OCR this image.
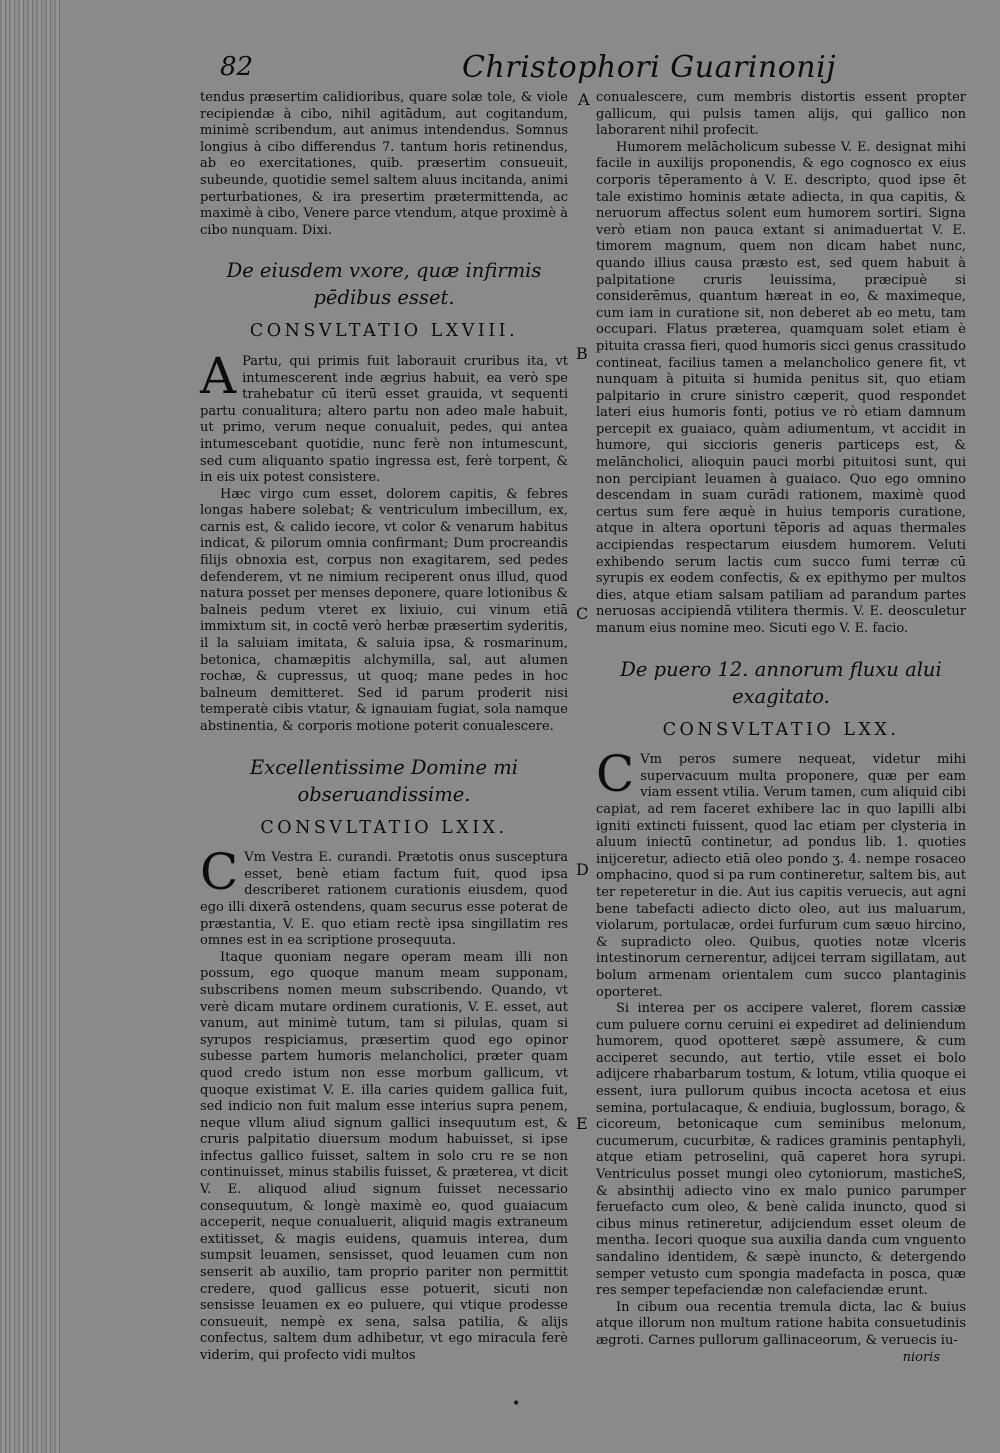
82	Christophori Guarinonij
A
B
C
D
E

tendus præsertim calidioribus, quare solæ tole, & viole recipiendæ à cibo, nihil agitādum, aut cogitandum, minimè scribendum, aut animus intendendus. Somnus longius à cibo differendus 7. tantum horis retinendus, ab eo exercitationes, quib. præsertim consueuit, subeunde, quotidie semel saltem aluus incitanda, animi perturbationes, & ira presertim prætermittenda, ac maximè à cibo, Venere parce vtendum, atque proximè à cibo nunquam. Dixi.

De eiusdem vxore, quæ infirmis pēdibus esset.
CONSVLTATIO LXVIII.

A Partu, qui primis fuit laborauit cruribus ita, vt intumescerent inde ægrius habuit, ea verò spe trahebatur cū iterū esset grauida, vt sequenti partu conualitura; altero partu non adeo male habuit, ut primo, verum neque conualuit, pedes, qui antea intumescebant quotidie, nunc ferè non intumescunt, sed cum aliquanto spatio ingressa est, ferè torpent, & in eis uix potest consistere.

Hæc virgo cum esset, dolorem capitis, & febres longas habere solebat; & ventriculum imbecillum, ex, carnis est, & calido iecore, vt color & venarum habitus indicat, & pilorum omnia confirmant; Dum procreandis filijs obnoxia est, corpus non exagitarem, sed pedes defenderem, vt ne nimium reciperent onus illud, quod natura posset per menses deponere, quare lotionibus & balneis pedum vteret ex lixiuio, cui vinum etiā immixtum sit, in coctē verò herbæ præsertim syderitis, il la saluiam imitata, & saluia ipsa, & rosmarinum, betonica, chamæpitis alchymilla, sal, aut alumen rochæ, & cupressus, ut quoq; mane pedes in hoc balneum demitteret. Sed id parum proderit nisi temperatè cibis vtatur, & ignauiam fugiat, sola namque abstinentia, & corporis motione poterit conualescere.

Excellentissime Domine mi obseruandissime.
CONSVLTATIO LXIX.

C Vm Vestra E. curandi. Prætotis onus susceptura esset, benè etiam factum fuit, quod ipsa describeret rationem curationis eiusdem, quod ego illi dixerā ostendens, quam securus esse poterat de præstantia, V. E. quo etiam rectè ipsa singillatim res omnes est in ea scriptione prosequuta.

Itaque quoniam negare operam meam illi non possum, ego quoque manum meam supponam, subscribens nomen meum subscribendo. Quando, vt verè dicam mutare ordinem curationis, V. E. esset, aut vanum, aut minimè tutum, tam si pilulas, quam si syrupos respiciamus, præsertim quod ego opinor subesse partem humoris melancholici, præter quam quod credo istum non esse morbum gallicum, vt quoque existimat V. E. illa caries quidem gallica fuit, sed indicio non fuit malum esse interius supra penem, neque vllum aliud signum gallici insequutum est, & cruris palpitatio diuersum modum habuisset, si ipse infectus gallico fuisset, saltem in solo cru re se non continuisset, minus stabilis fuisset, & præterea, vt dicit V. E. aliquod aliud signum fuisset necessario consequutum, & longè maximè eo, quod guaiacum acceperit, neque conualuerit, aliquid magis extraneum extitisset, & magis euidens, quamuis interea, dum sumpsit leuamen, sensisset, quod leuamen cum non senserit ab auxilio, tam proprio pariter non permittit credere, quod gallicus esse potuerit, sicuti non sensisse leuamen ex eo puluere, qui vtique prodesse consueuit, nempè ex sena, salsa patilia, & alijs confectus, saltem dum adhibetur, vt ego miracula ferè viderim, qui profecto vidi multos

conualescere, cum membris distortis essent propter gallicum, qui pulsis tamen alijs, qui gallico non laborarent nihil profecit.

Humorem melācholicum subesse V. E. designat mihi facile in auxilijs proponendis, & ego cognosco ex eius corporis tēperamento à V. E. descripto, quod ipse ēt tale existimo hominis ætate adiecta, in qua capitis, & neruorum affectus solent eum humorem sortiri. Signa verò etiam non pauca extant si animaduertat V. E. timorem magnum, quem non dicam habet nunc, quando illius causa præsto est, sed quem habuit à palpitatione cruris leuissima, præcipuè si considerēmus, quantum hæreat in eo, & maximeque, cum iam in curatione sit, non deberet ab eo metu, tam occupari. Flatus præterea, quamquam solet etiam è pituita crassa fieri, quod humoris sicci genus crassitudo contineat, facilius tamen a melancholico genere fit, vt nunquam à pituita si humida penitus sit, quo etiam palpitario in crure sinistro cæperit, quod respondet lateri eius humoris fonti, potius ve rò etiam damnum percepit ex guaiaco, quàm adiumentum, vt accidit in humore, qui siccioris generis particeps est, & melāncholici, alioquin pauci morbi pituitosi sunt, qui non percipiant leuamen à guaiaco. Quo ego omnino descendam in suam curādi rationem, maximè quod certus sum fere æquè in huius temporis curatione, atque in altera oportuni tēporis ad aquas thermales accipiendas respectarum eiusdem humorem. Veluti exhibendo serum lactis cum succo fumi terræ cū syrupis ex eodem confectis, & ex epithymo per multos dies, atque etiam salsam patiliam ad parandum partes neruosas accipiendā vtilitera thermis. V. E. deosculetur manum eius nomine meo. Sicuti ego V. E. facio.

De puero 12. annorum fluxu alui exagitato.
CONSVLTATIO LXX.

C Vm peros sumere nequeat, videtur mihi supervacuum multa proponere, quæ per eam viam essent vtilia. Verum tamen, cum aliquid cibi capiat, ad rem faceret exhibere lac in quo lapilli albi igniti extincti fuissent, quod lac etiam per clysteria in aluum iniectū continetur, ad pondus lib. 1. quoties inijceretur, adiecto etiā oleo pondo ʒ. 4. nempe rosaceo omphacino, quod si pa rum contineretur, saltem bis, aut ter repeteretur in die. Aut ius capitis veruecis, aut agni bene tabefacti adiecto dicto oleo, aut ius maluarum, violarum, portulacæ, ordei furfurum cum sæuo hircino, & supradicto oleo. Quibus, quoties notæ vlceris intestinorum cernerentur, adijcei terram sigillatam, aut bolum armenam orientalem cum succo plantaginis oporteret.

Si interea per os accipere valeret, florem cassiæ cum puluere cornu ceruini ei expediret ad deliniendum humorem, quod opotteret sæpè assumere, & cum acciperet secundo, aut tertio, vtile esset ei bolo adijcere rhabarbarum tostum, & lotum, vtilia quoque ei essent, iura pullorum quibus incocta acetosa et eius semina, portulacaque, & endiuia, buglossum, borago, & cicoreum, betonicaque cum seminibus melonum, cucumerum, cucurbitæ, & radices graminis pentaphyli, atque etiam petroselini, quā caperet hora syrupi. Ventriculus posset mungi oleo cytoniorum, masticheS, & absinthij adiecto vino ex malo punico parumper feruefacto cum oleo, & benè calida inuncto, quod si cibus minus retineretur, adijciendum esset oleum de mentha. Iecori quoque sua auxilia danda cum vnguento sandalino identidem, & sæpè inuncto, & detergendo semper vetusto cum spongia madefacta in posca, quæ res semper tepefaciendæ non calefaciendæ erunt.

In cibum oua recentia tremula dicta, lac & buius atque illorum non multum ratione habita consuetudinis ægroti. Carnes pullorum gallinaceorum, & veruecis iu-

nioris
•
